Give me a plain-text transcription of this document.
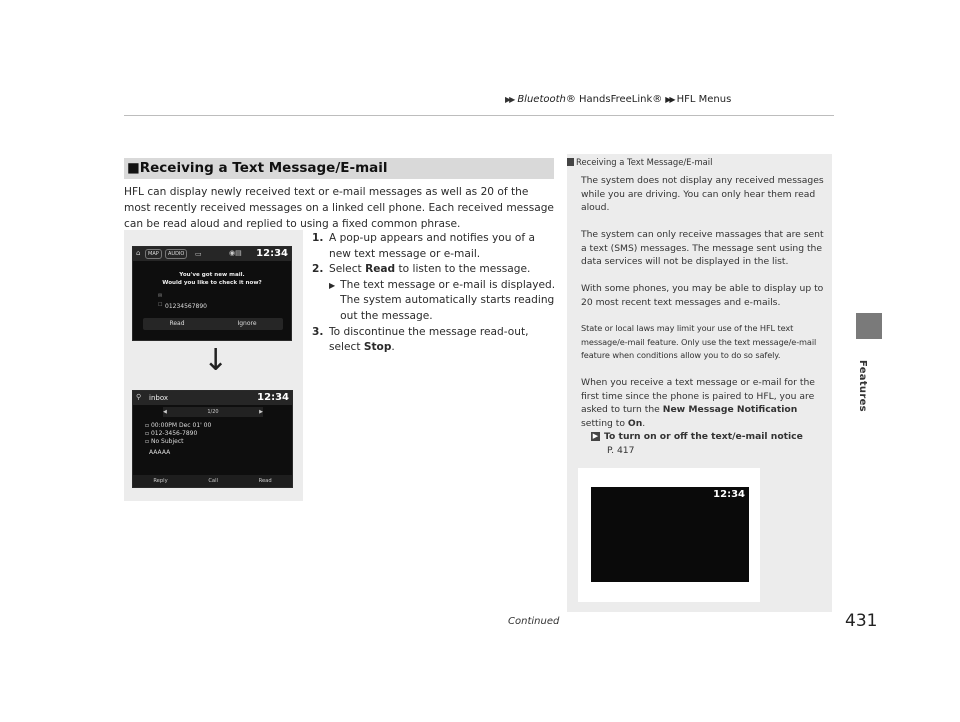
▶▶ Bluetooth® HandsFreeLink® ▶▶ HFL Menus
Features
■Receiving a Text Message/E-mail
HFL can display newly received text or e-mail messages as well as 20 of the most recently received messages on a linked cell phone. Each received message can be read aloud and replied to using a fixed common phrase.
⌂	MAP	AUDIO	▭	◉▤ 12:34
You've got new mail.
Would you like to check it now?
✉
☐ 01234567890
Read	Ignore
↓
⚲ inbox	12:34
◀	1/20	▶
▫ 00:00PM Dec 01' 00
▫ 012-3456-7890
▫ No Subject
AAAAA
Reply	Call	Read
1. A pop-up appears and notifies you of a new text message or e-mail.
2. Select Read to listen to the message.
▶ The text message or e-mail is displayed. The system automatically starts reading out the message.
3. To discontinue the message read-out, select Stop.
Receiving a Text Message/E-mail
The system does not display any received messages while you are driving. You can only hear them read aloud.
The system can only receive massages that are sent a text (SMS) messages. The message sent using the data services will not be displayed in the list.
With some phones, you may be able to display up to 20 most recent text messages and e-mails.
State or local laws may limit your use of the HFL text message/e-mail feature. Only use the text message/e-mail feature when conditions allow you to do so safely.
When you receive a text message or e-mail for the first time since the phone is paired to HFL, you are asked to turn the New Message Notification setting to On.
▶ To turn on or off the text/e-mail notice
P. 417
12:34
Continued	431
